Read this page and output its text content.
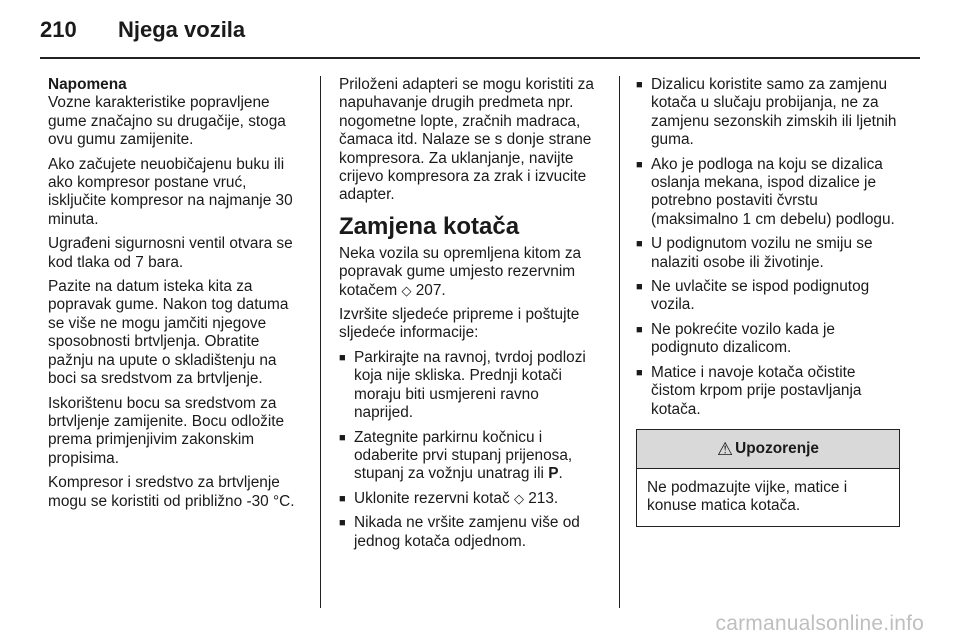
210	Njega vozila

Napomena

Vozne karakteristike popravljene gume značajno su drugačije, stoga ovu gumu zamijenite.

Ako začujete neuobičajenu buku ili ako kompresor postane vruć, isključite kompresor na najmanje 30 minuta.

Ugrađeni sigurnosni ventil otvara se kod tlaka od 7 bara.

Pazite na datum isteka kita za popravak gume. Nakon tog datuma se više ne mogu jamčiti njegove sposobnosti brtvljenja. Obratite pažnju na upute o skladištenju na boci sa sredstvom za brtvljenje.

Iskorištenu bocu sa sredstvom za brtvljenje zamijenite. Bocu odložite prema primjenjivim zakonskim propisima.

Kompresor i sredstvo za brtvljenje mogu se koristiti od približno -30 °C.

Priloženi adapteri se mogu koristiti za napuhavanje drugih predmeta npr. nogometne lopte, zračnih madraca, čamaca itd. Nalaze se s donje strane kompresora. Za uklanjanje, navijte crijevo kompresora za zrak i izvucite adapter.

Zamjena kotača

Neka vozila su opremljena kitom za popravak gume umjesto rezervnim kotačem ◇ 207.

Izvršite sljedeće pripreme i poštujte sljedeće informacije:

■ Parkirajte na ravnoj, tvrdoj podlozi koja nije skliska. Prednji kotači moraju biti usmjereni ravno naprijed.
■ Zategnite parkirnu kočnicu i odaberite prvi stupanj prijenosa, stupanj za vožnju unatrag ili P.
■ Uklonite rezervni kotač ◇ 213.
■ Nikada ne vršite zamjenu više od jednog kotača odjednom.
■ Dizalicu koristite samo za zamjenu kotača u slučaju probijanja, ne za zamjenu sezonskih zimskih ili ljetnih guma.
■ Ako je podloga na koju se dizalica oslanja mekana, ispod dizalice je potrebno postaviti čvrstu (maksimalno 1 cm debelu) podlogu.
■ U podignutom vozilu ne smiju se nalaziti osobe ili životinje.
■ Ne uvlačite se ispod podignutog vozila.
■ Ne pokrećite vozilo kada je podignuto dizalicom.
■ Matice i navoje kotača očistite čistom krpom prije postavljanja kotača.
⚠ Upozorenje
Ne podmazujte vijke, matice i konuse matica kotača.
carmanualsonline.info
